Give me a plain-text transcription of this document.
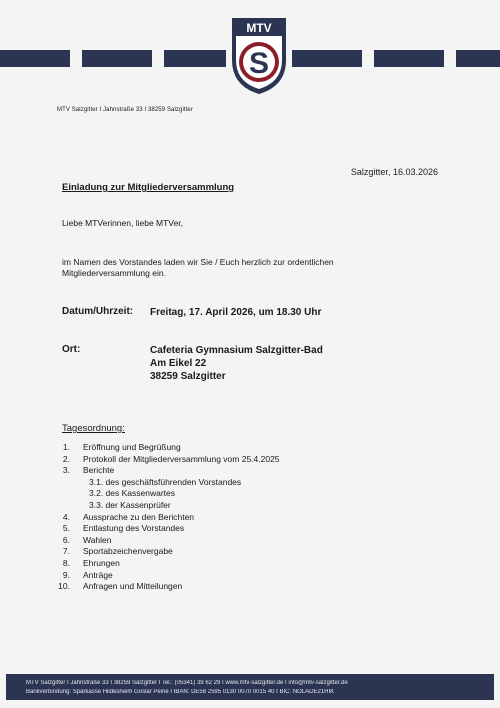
MTV
S
MTV Salzgitter I Jahnstraße 33 I 38259 Salzgitter
Salzgitter, 16.03.2026
Einladung zur Mitgliederversammlung
Liebe MTVerinnen, liebe MTVer,
im Namen des Vorstandes laden wir Sie / Euch herzlich zur ordentlichen
Mitgliederversammlung ein.
Datum/Uhrzeit: Freitag, 17. April 2026, um 18.30 Uhr
Ort:	Cafeteria Gymnasium Salzgitter-Bad
Am Eikel 22
38259 Salzgitter
Tagesordnung:
1. Eröffnung und Begrüßung
2. Protokoll der Mitgliederversammlung vom 25.4.2025
3. Berichte
3.1. des geschäftsführenden Vorstandes
3.2. des Kassenwartes
3.3. der Kassenprüfer
4. Aussprache zu den Berichten
5. Entlastung des Vorstandes
6. Wahlen
7. Sportabzeichenvergabe
8. Ehrungen
9. Anträge
10. Anfragen und Mitteilungen
MTV Salzgitter I Jahnstraße 33 I 38259 Salzgitter I Tel.: (05341) 39 62 29 I www.mtv-salzgitter.de I info@mtv-salzgitter.de
Bankverbindung: Sparkasse Hildesheim Goslar Peine I IBAN: DE58 2595 0130 0070 0015 40 I BIC: NOLADE21HIK
